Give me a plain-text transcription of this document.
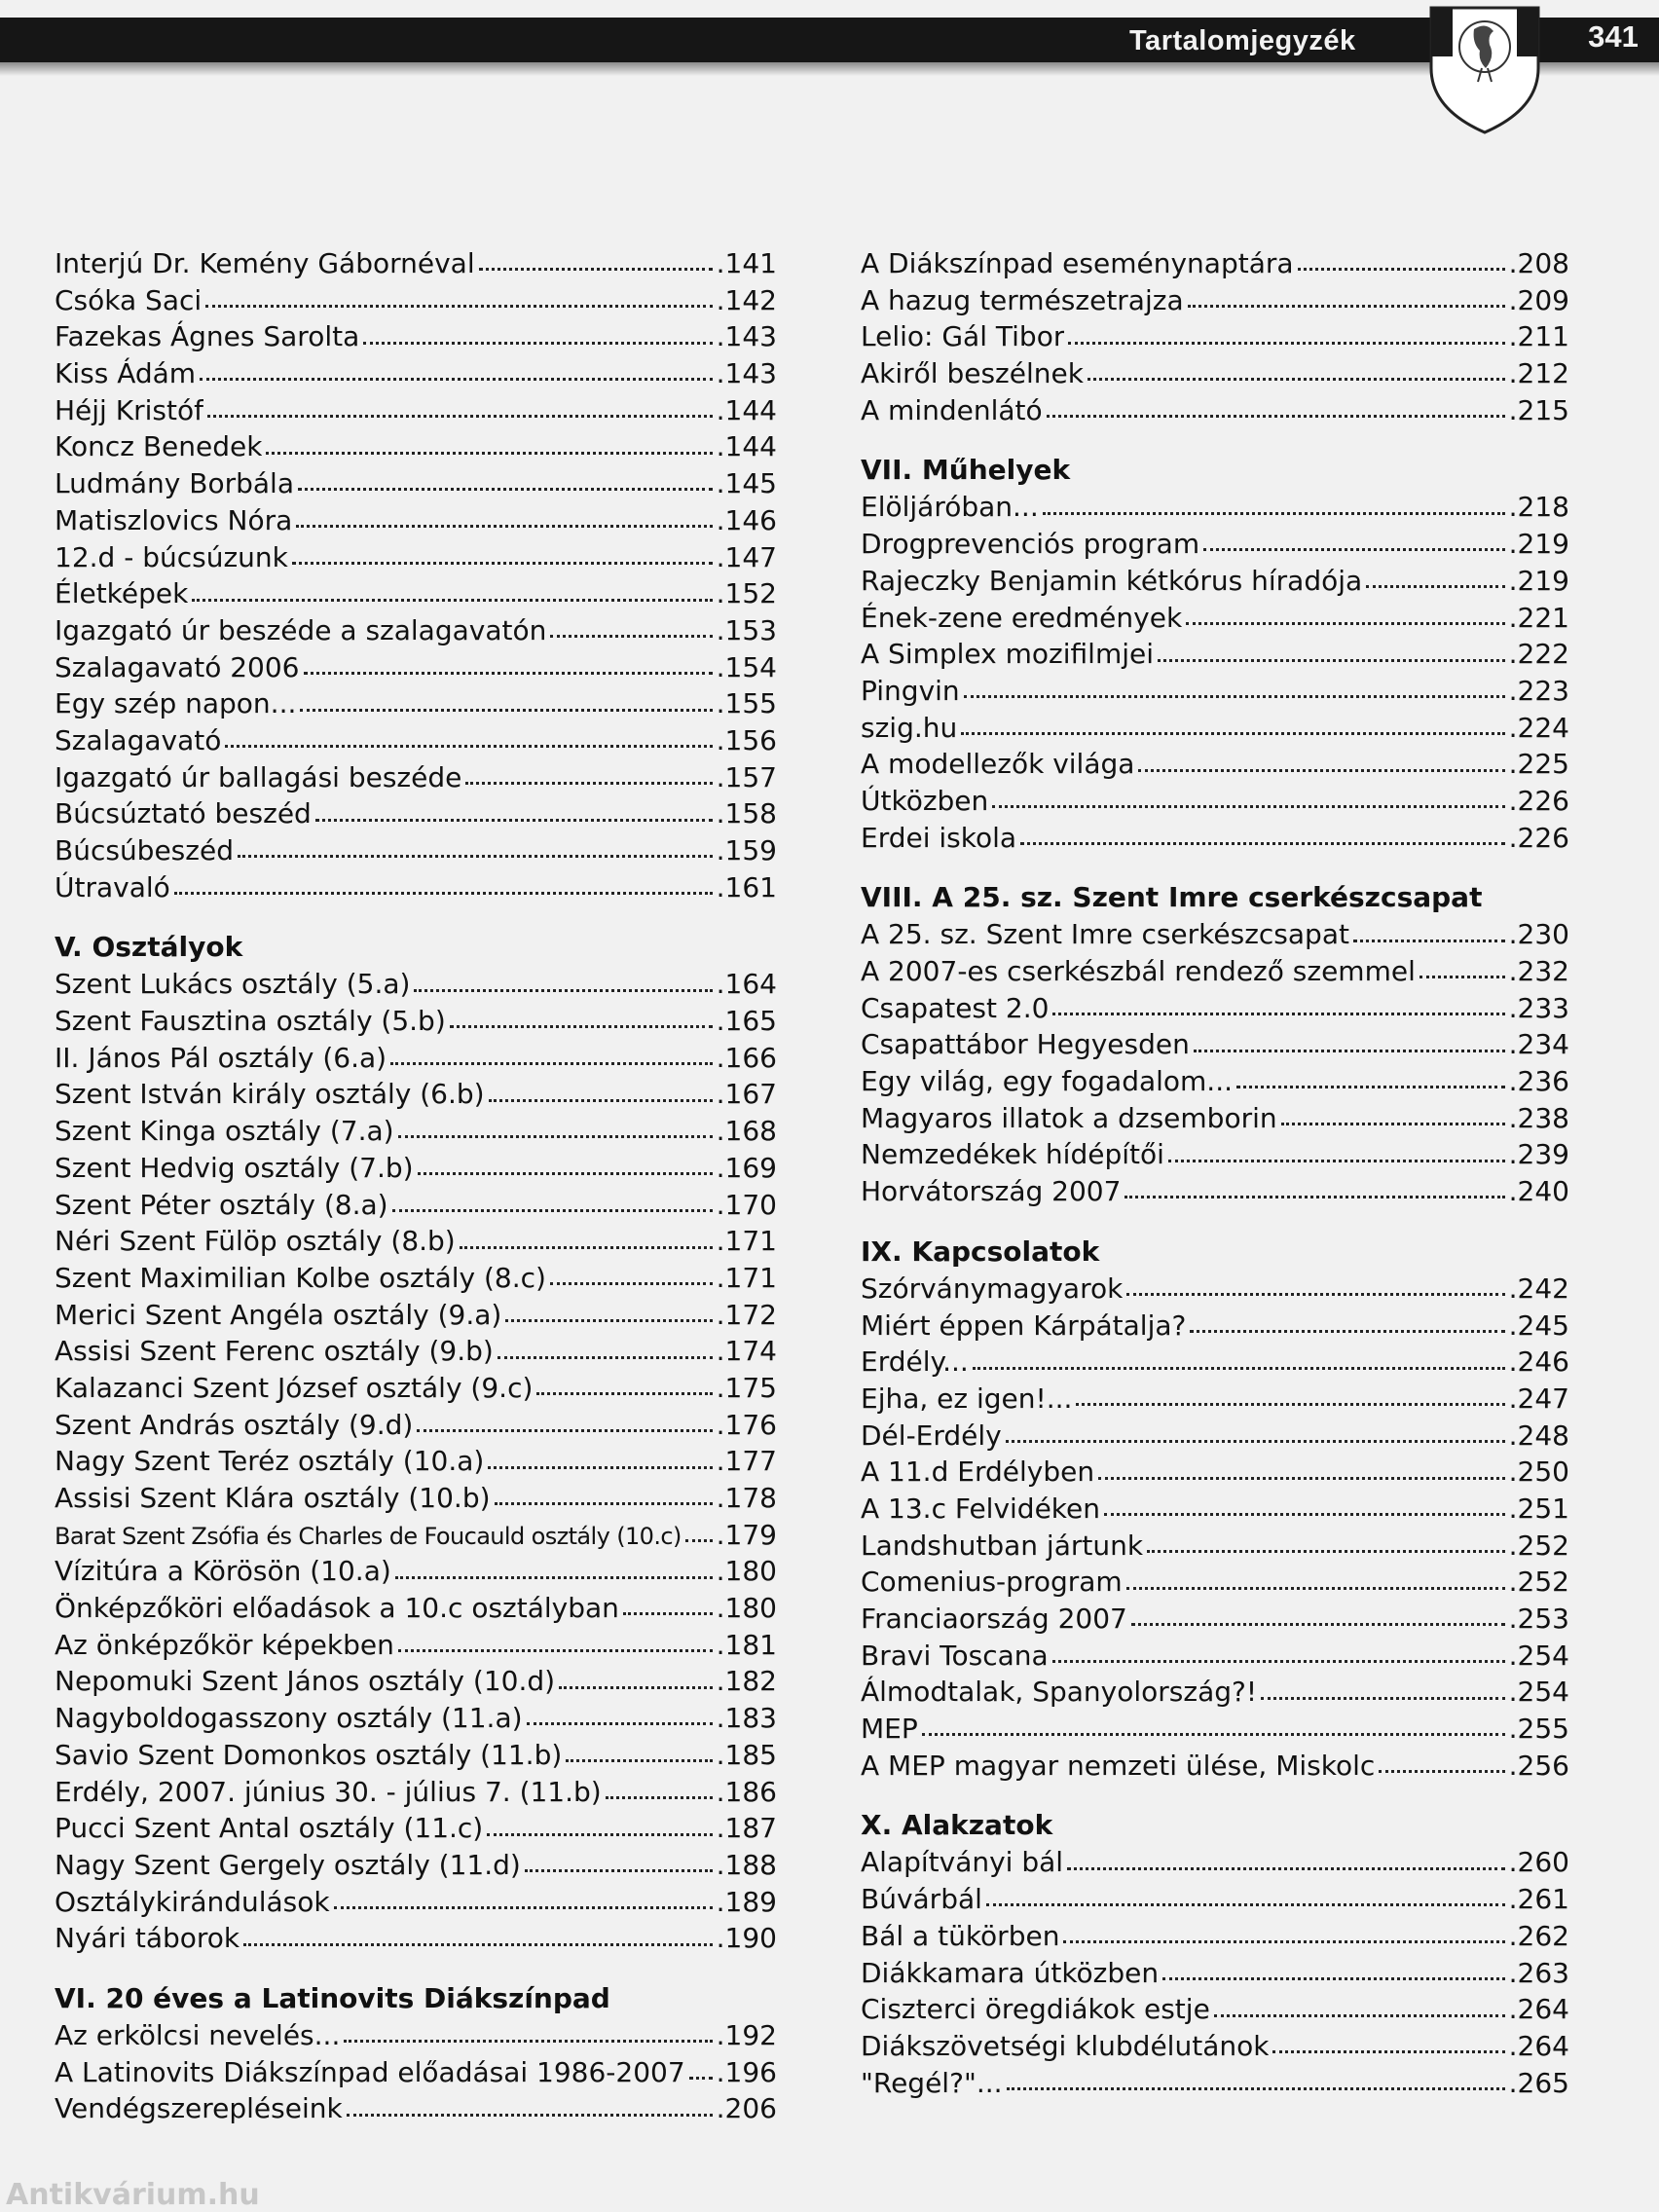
Tartalomjegyzék	341
Interjú Dr. Kemény Gábornéval	.141
Csóka Saci	.142
Fazekas Ágnes Sarolta	.143
Kiss Ádám	.143
Héjj Kristóf	.144
Koncz Benedek	.144
Ludmány Borbála	.145
Matiszlovics Nóra	.146
12.d - búcsúzunk	.147
Életképek	.152
Igazgató úr beszéde a szalagavatón	.153
Szalagavató 2006	.154
Egy szép napon...	.155
Szalagavató	.156
Igazgató úr ballagási beszéde	.157
Búcsúztató beszéd	.158
Búcsúbeszéd	.159
Útravaló	.161
V. Osztályok
Szent Lukács osztály (5.a)	.164
Szent Fausztina osztály (5.b)	.165
II. János Pál osztály (6.a)	.166
Szent István király osztály (6.b)	.167
Szent Kinga osztály (7.a)	.168
Szent Hedvig osztály (7.b)	.169
Szent Péter osztály (8.a)	.170
Néri Szent Fülöp osztály (8.b)	.171
Szent Maximilian Kolbe osztály (8.c)	.171
Merici Szent Angéla osztály (9.a)	.172
Assisi Szent Ferenc osztály (9.b)	.174
Kalazanci Szent József osztály (9.c)	.175
Szent András osztály (9.d)	.176
Nagy Szent Teréz osztály (10.a)	.177
Assisi Szent Klára osztály (10.b)	.178
Barat Szent Zsófia és Charles de Foucauld osztály (10.c) .179
Vízitúra a Körösön (10.a)	.180
Önképzőköri előadások a 10.c osztályban	.180
Az önképzőkör képekben	.181
Nepomuki Szent János osztály (10.d)	.182
Nagyboldogasszony osztály (11.a)	.183
Savio Szent Domonkos osztály (11.b)	.185
Erdély, 2007. június 30. - július 7. (11.b)	.186
Pucci Szent Antal osztály (11.c)	.187
Nagy Szent Gergely osztály (11.d)	.188
Osztálykirándulások	.189
Nyári táborok	.190
VI. 20 éves a Latinovits Diákszínpad
Az erkölcsi nevelés...	.192
A Latinovits Diákszínpad előadásai 1986-2007 .196
Vendégszerepléseink	.206
A Diákszínpad eseménynaptára	.208
A hazug természetrajza	.209
Lelio: Gál Tibor	.211
Akiről beszélnek	.212
A mindenlátó	.215
VII. Műhelyek
Elöljáróban...	.218
Drogprevenciós program	.219
Rajeczky Benjamin kétkórus híradója	.219
Ének-zene eredmények	.221
A Simplex mozifilmjei	.222
Pingvin	.223
szig.hu	.224
A modellezők világa	.225
Útközben	.226
Erdei iskola	.226
VIII. A 25. sz. Szent Imre cserkészcsapat
A 25. sz. Szent Imre cserkészcsapat	.230
A 2007-es cserkészbál rendező szemmel	.232
Csapatest 2.0	.233
Csapattábor Hegyesden	.234
Egy világ, egy fogadalom...	.236
Magyaros illatok a dzsemborin	.238
Nemzedékek hídépítői	.239
Horvátország 2007	.240
IX. Kapcsolatok
Szórványmagyarok	.242
Miért éppen Kárpátalja?	.245
Erdély...	.246
Ejha, ez igen!...	.247
Dél-Erdély	.248
A 11.d Erdélyben	.250
A 13.c Felvidéken	.251
Landshutban jártunk	.252
Comenius-program	.252
Franciaország 2007	.253
Bravi Toscana	.254
Álmodtalak, Spanyolország?!	.254
MEP	.255
A MEP magyar nemzeti ülése, Miskolc	.256
X. Alakzatok
Alapítványi bál	.260
Búvárbál	.261
Bál a tükörben	.262
Diákkamara útközben	.263
Ciszterci öregdiákok estje	.264
Diákszövetségi klubdélutánok	.264
"Regél?"...	.265
Antikvárium.hu
